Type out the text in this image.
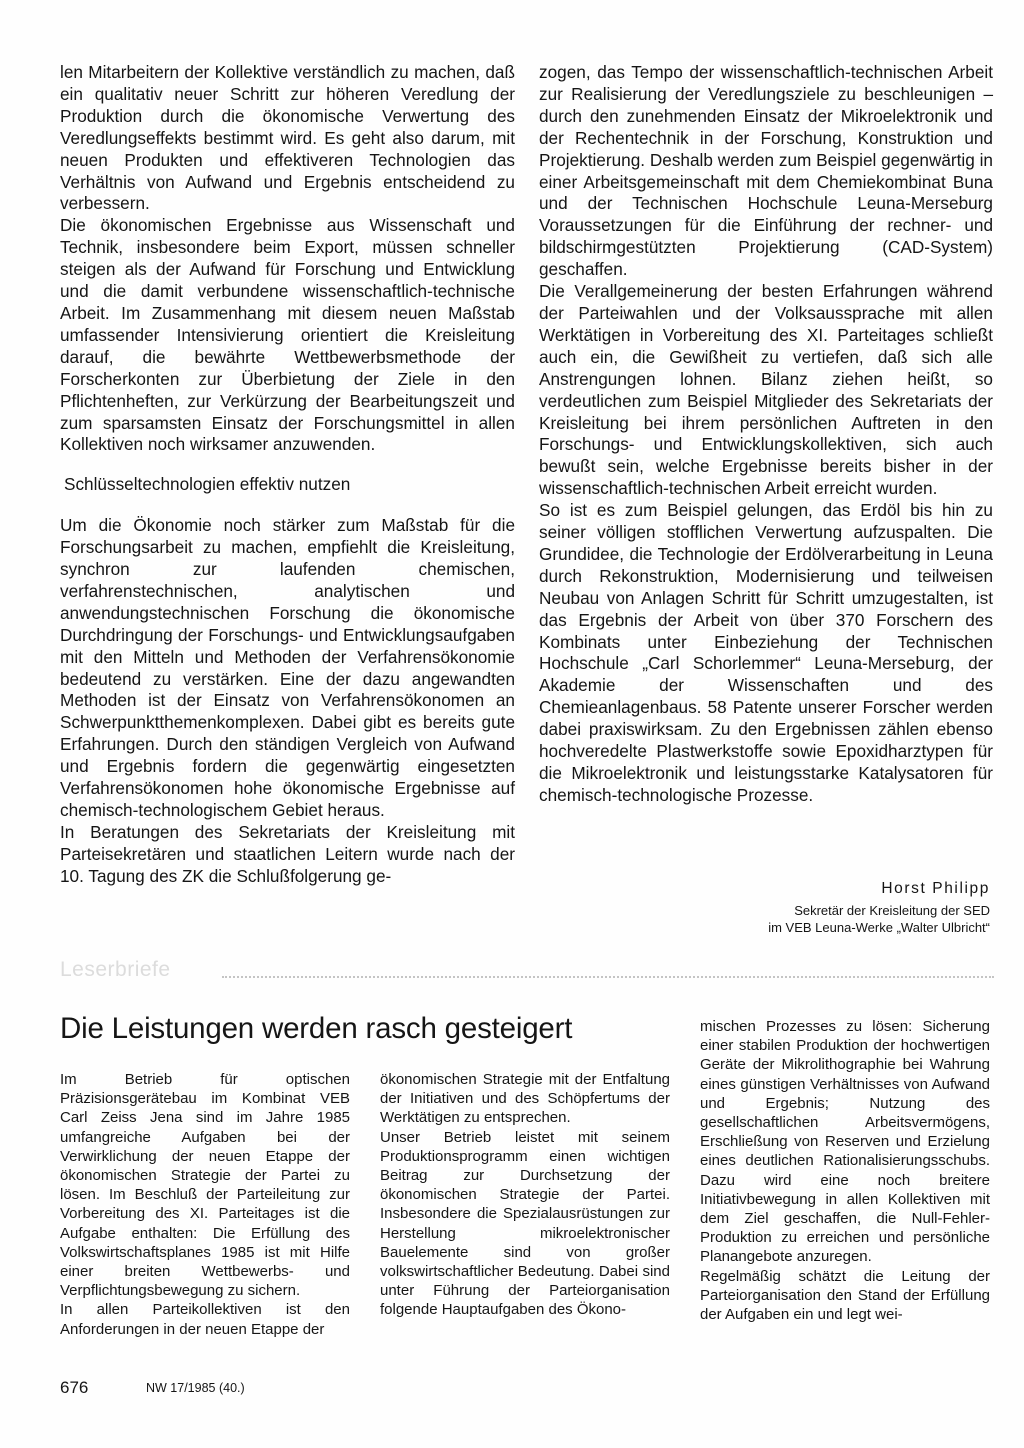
len Mitarbeitern der Kollektive verständlich zu machen, daß ein qualitativ neuer Schritt zur höheren Veredlung der Produktion durch die ökonomische Verwertung des Veredlungseffekts bestimmt wird. Es geht also darum, mit neuen Produkten und effektiveren Technologien das Verhältnis von Aufwand und Ergebnis entscheidend zu verbessern.

Die ökonomischen Ergebnisse aus Wissenschaft und Technik, insbesondere beim Export, müssen schneller steigen als der Aufwand für Forschung und Entwicklung und die damit verbundene wissenschaftlich-technische Arbeit. Im Zusammenhang mit diesem neuen Maßstab umfassender Intensivierung orientiert die Kreisleitung darauf, die bewährte Wettbewerbsmethode der Forscherkonten zur Überbietung der Ziele in den Pflichtenheften, zur Verkürzung der Bearbeitungszeit und zum sparsamsten Einsatz der Forschungsmittel in allen Kollektiven noch wirksamer anzuwenden.

Schlüsseltechnologien effektiv nutzen

Um die Ökonomie noch stärker zum Maßstab für die Forschungsarbeit zu machen, empfiehlt die Kreisleitung, synchron zur laufenden chemischen, verfahrenstechnischen, analytischen und anwendungstechnischen Forschung die ökonomische Durchdringung der Forschungs- und Entwicklungsaufgaben mit den Mitteln und Methoden der Verfahrensökonomie bedeutend zu verstärken. Eine der dazu angewandten Methoden ist der Einsatz von Verfahrensökonomen an Schwerpunktthemenkomplexen. Dabei gibt es bereits gute Erfahrungen. Durch den ständigen Vergleich von Aufwand und Ergebnis fordern die gegenwärtig eingesetzten Verfahrensökonomen hohe ökonomische Ergebnisse auf chemisch-technologischem Gebiet heraus.

In Beratungen des Sekretariats der Kreisleitung mit Parteisekretären und staatlichen Leitern wurde nach der 10. Tagung des ZK die Schlußfolgerung ge-

zogen, das Tempo der wissenschaftlich-technischen Arbeit zur Realisierung der Veredlungsziele zu beschleunigen – durch den zunehmenden Einsatz der Mikroelektronik und der Rechentechnik in der Forschung, Konstruktion und Projektierung. Deshalb werden zum Beispiel gegenwärtig in einer Arbeitsgemeinschaft mit dem Chemiekombinat Buna und der Technischen Hochschule Leuna-Merseburg Voraussetzungen für die Einführung der rechner- und bildschirmgestützten Projektierung (CAD-System) geschaffen.

Die Verallgemeinerung der besten Erfahrungen während der Parteiwahlen und der Volksaussprache mit allen Werktätigen in Vorbereitung des XI. Parteitages schließt auch ein, die Gewißheit zu vertiefen, daß sich alle Anstrengungen lohnen. Bilanz ziehen heißt, so verdeutlichen zum Beispiel Mitglieder des Sekretariats der Kreisleitung bei ihrem persönlichen Auftreten in den Forschungs- und Entwicklungskollektiven, sich auch bewußt sein, welche Ergebnisse bereits bisher in der wissenschaftlich-technischen Arbeit erreicht wurden.

So ist es zum Beispiel gelungen, das Erdöl bis hin zu seiner völligen stofflichen Verwertung aufzuspalten. Die Grundidee, die Technologie der Erdölverarbeitung in Leuna durch Rekonstruktion, Modernisierung und teilweisen Neubau von Anlagen Schritt für Schritt umzugestalten, ist das Ergebnis der Arbeit von über 370 Forschern des Kombinats unter Einbeziehung der Technischen Hochschule „Carl Schorlemmer“ Leuna-Merseburg, der Akademie der Wissenschaften und des Chemieanlagenbaus. 58 Patente unserer Forscher werden dabei praxiswirksam. Zu den Ergebnissen zählen ebenso hochveredelte Plastwerkstoffe sowie Epoxidharztypen für die Mikroelektronik und leistungsstarke Katalysatoren für chemisch-technologische Prozesse.

Horst Philipp
Sekretär der Kreisleitung der SED
im VEB Leuna-Werke „Walter Ulbricht“
Leserbriefe
Die Leistungen werden rasch gesteigert

Im Betrieb für optischen Präzisionsgerätebau im Kombinat VEB Carl Zeiss Jena sind im Jahre 1985 umfangreiche Aufgaben bei der Verwirklichung der neuen Etappe der ökonomischen Strategie der Partei zu lösen. Im Beschluß der Parteileitung zur Vorbereitung des XI. Parteitages ist die Aufgabe enthalten: Die Erfüllung des Volkswirtschaftsplanes 1985 ist mit Hilfe einer breiten Wettbewerbs- und Verpflichtungsbewegung zu sichern.

In allen Parteikollektiven ist den Anforderungen in der neuen Etappe der

ökonomischen Strategie mit der Entfaltung der Initiativen und des Schöpfertums der Werktätigen zu entsprechen.

Unser Betrieb leistet mit seinem Produktionsprogramm einen wichtigen Beitrag zur Durchsetzung der ökonomischen Strategie der Partei. Insbesondere die Spezialausrüstungen zur Herstellung mikroelektronischer Bauelemente sind von großer volkswirtschaftlicher Bedeutung. Dabei sind unter Führung der Parteiorganisation folgende Hauptaufgaben des Ökono-

mischen Prozesses zu lösen: Sicherung einer stabilen Produktion der hochwertigen Geräte der Mikrolithographie bei Wahrung eines günstigen Verhältnisses von Aufwand und Ergebnis; Nutzung des gesellschaftlichen Arbeitsvermögens, Erschließung von Reserven und Erzielung eines deutlichen Rationalisierungsschubs. Dazu wird eine noch breitere Initiativbewegung in allen Kollektiven mit dem Ziel geschaffen, die Null-Fehler-Produktion zu erreichen und persönliche Planangebote anzuregen.

Regelmäßig schätzt die Leitung der Parteiorganisation den Stand der Erfüllung der Aufgaben ein und legt wei-

676	NW 17/1985 (40.)
